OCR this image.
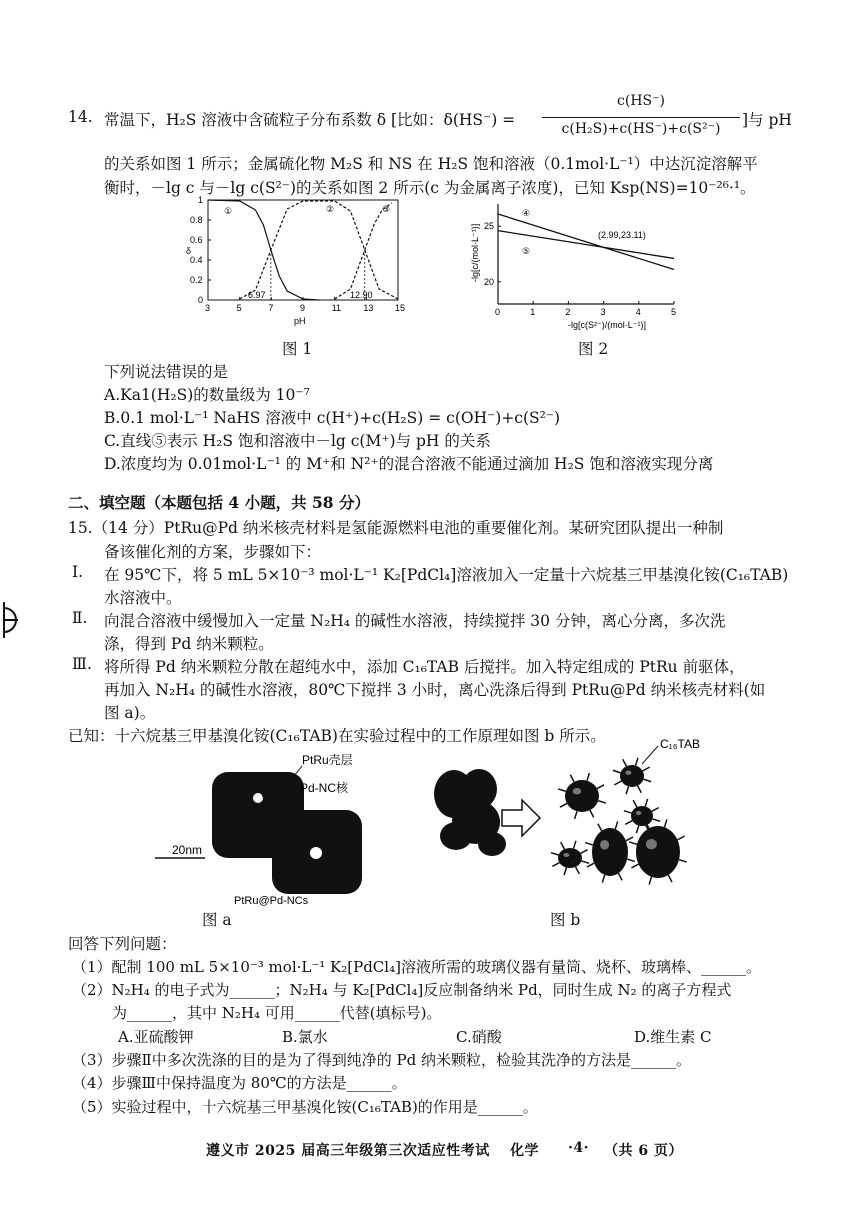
14. 常温下，H₂S 溶液中含硫粒子分布系数 δ [比如：δ(HS⁻) =
c(HS⁻)
c(H₂S)+c(HS⁻)+c(S²⁻)	]与 pH
的关系如图 1 所示；金属硫化物 M₂S 和 NS 在 H₂S 饱和溶液（0.1mol·L⁻¹）中达沉淀溶解平
衡时，－lg c 与－lg c(S²⁻)的关系如图 2 所示(c 为金属离子浓度)，已知 Ksp(NS)=10⁻²⁶·¹。
3	5	7	9	11 13 15
0
0.2
0.4
0.6
0.8
1
δ
pH
①	②	③
6.97	12.90
图 1
0	1	2	3	4	5
20
25
-lg[c/(mol·L⁻¹)]
-lg[c(S²⁻)/(mol·L⁻¹)]
④
⑤
(2.99,23.11)
图 2
下列说法错误的是
A.Ka1(H₂S)的数量级为 10⁻⁷
B.0.1 mol·L⁻¹ NaHS 溶液中 c(H⁺)+c(H₂S) = c(OH⁻)+c(S²⁻)
C.直线⑤表示 H₂S 饱和溶液中－lg c(M⁺)与 pH 的关系
D.浓度均为 0.01mol·L⁻¹ 的 M⁺和 N²⁺的混合溶液不能通过滴加 H₂S 饱和溶液实现分离
二、填空题（本题包括 4 小题，共 58 分）
15.（14 分）PtRu@Pd 纳米核壳材料是氢能源燃料电池的重要催化剂。某研究团队提出一种制
备该催化剂的方案，步骤如下：
Ⅰ. 在 95℃下，将 5 mL 5×10⁻³ mol·L⁻¹ K₂[PdCl₄]溶液加入一定量十六烷基三甲基溴化铵(C₁₆TAB)
水溶液中。
Ⅱ. 向混合溶液中缓慢加入一定量 N₂H₄ 的碱性水溶液，持续搅拌 30 分钟，离心分离，多次洗
涤，得到 Pd 纳米颗粒。
Ⅲ. 将所得 Pd 纳米颗粒分散在超纯水中，添加 C₁₆TAB 后搅拌。加入特定组成的 PtRu 前驱体，
再加入 N₂H₄ 的碱性水溶液，80℃下搅拌 3 小时，离心洗涤后得到 PtRu@Pd 纳米核壳材料(如
图 a)。
已知：十六烷基三甲基溴化铵(C₁₆TAB)在实验过程中的工作原理如图 b 所示。
PtRu壳层
Pd-NC核
20nm
PtRu@Pd-NCs
图 a
C₁₆TAB
图 b
回答下列问题：
（1）配制 100 mL 5×10⁻³ mol·L⁻¹ K₂[PdCl₄]溶液所需的玻璃仪器有量筒、烧杯、玻璃棒、______。
（2）N₂H₄ 的电子式为______；N₂H₄ 与 K₂[PdCl₄]反应制备纳米 Pd，同时生成 N₂ 的离子方程式
为______，其中 N₂H₄ 可用______代替(填标号)。
A.亚硫酸钾	B.氯水	C.硝酸	D.维生素 C
（3）步骤Ⅱ中多次洗涤的目的是为了得到纯净的 Pd 纳米颗粒，检验其洗净的方法是______。
（4）步骤Ⅲ中保持温度为 80℃的方法是______。
（5）实验过程中，十六烷基三甲基溴化铵(C₁₆TAB)的作用是______。
遵义市 2025 届高三年级第三次适应性考试 化学 ·4· （共 6 页）
